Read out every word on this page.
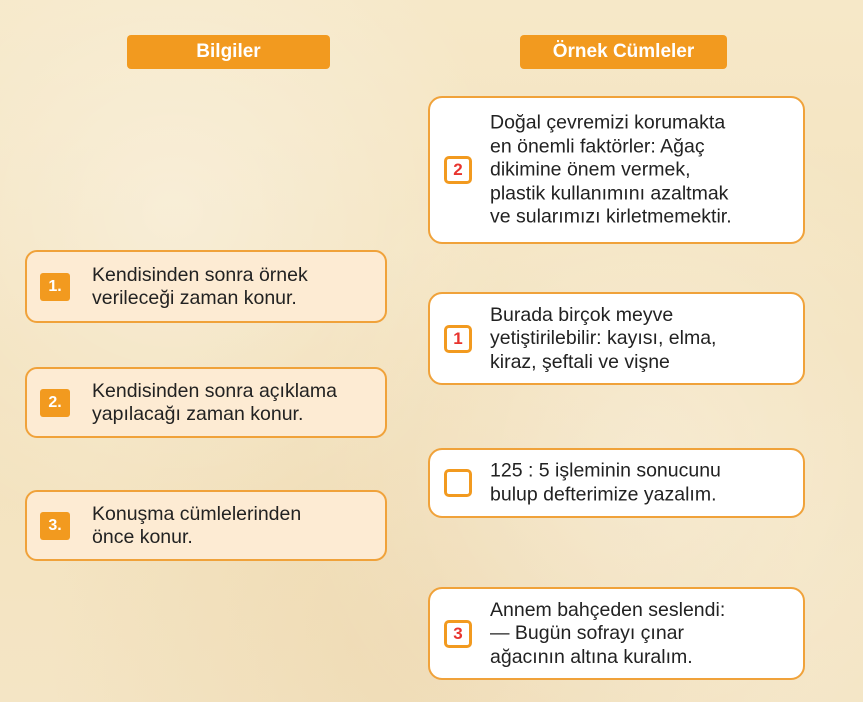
Bilgiler	Örnek Cümleler
1.
Kendisinden sonra örnek
verileceği zaman konur.
2.
Kendisinden sonra açıklama
yapılacağı zaman konur.
3.
Konuşma cümlelerinden
önce konur.
2
Doğal çevremizi korumakta
en önemli faktörler: Ağaç
dikimine önem vermek,
plastik kullanımını azaltmak
ve sularımızı kirletmemektir.
1
Burada birçok meyve
yetiştirilebilir: kayısı, elma,
kiraz, şeftali ve vişne
125 : 5 işleminin sonucunu
bulup defterimize yazalım.
3
Annem bahçeden seslendi:
— Bugün sofrayı çınar
ağacının altına kuralım.
